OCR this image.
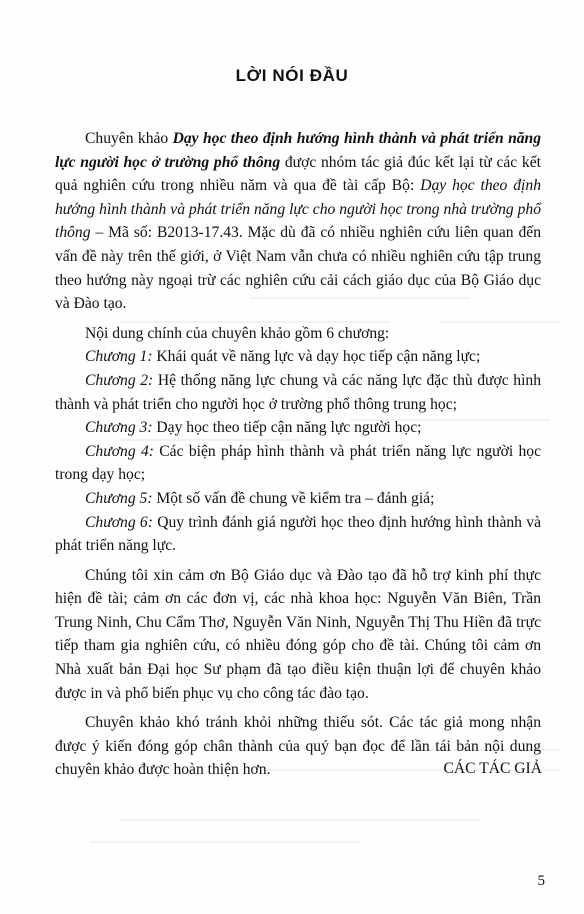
LỜI NÓI ĐẦU

Chuyên khảo Dạy học theo định hướng hình thành và phát triển năng lực người học ở trường phổ thông được nhóm tác giả đúc kết lại từ các kết quả nghiên cứu trong nhiều năm và qua đề tài cấp Bộ: Dạy học theo định hướng hình thành và phát triển năng lực cho người học trong nhà trường phổ thông – Mã số: B2013-17.43. Mặc dù đã có nhiều nghiên cứu liên quan đến vấn đề này trên thế giới, ở Việt Nam vẫn chưa có nhiều nghiên cứu tập trung theo hướng này ngoại trừ các nghiên cứu cải cách giáo dục của Bộ Giáo dục và Đào tạo.

Nội dung chính của chuyên khảo gồm 6 chương:

Chương 1: Khái quát về năng lực và dạy học tiếp cận năng lực;

Chương 2: Hệ thống năng lực chung và các năng lực đặc thù được hình thành và phát triển cho người học ở trường phổ thông trung học;

Chương 3: Dạy học theo tiếp cận năng lực người học;

Chương 4: Các biện pháp hình thành và phát triển năng lực người học trong dạy học;

Chương 5: Một số vấn đề chung về kiểm tra – đánh giá;

Chương 6: Quy trình đánh giá người học theo định hướng hình thành và phát triển năng lực.

Chúng tôi xin cảm ơn Bộ Giáo dục và Đào tạo đã hỗ trợ kinh phí thực hiện đề tài; cảm ơn các đơn vị, các nhà khoa học: Nguyễn Văn Biên, Trần Trung Ninh, Chu Cẩm Thơ, Nguyễn Văn Ninh, Nguyễn Thị Thu Hiền đã trực tiếp tham gia nghiên cứu, có nhiều đóng góp cho đề tài. Chúng tôi cảm ơn Nhà xuất bản Đại học Sư phạm đã tạo điều kiện thuận lợi để chuyên khảo được in và phổ biến phục vụ cho công tác đào tạo.

Chuyên khảo khó tránh khỏi những thiếu sót. Các tác giả mong nhận được ý kiến đóng góp chân thành của quý bạn đọc để lần tái bản nội dung chuyên khảo được hoàn thiện hơn.	CÁC TÁC GIẢ
5
